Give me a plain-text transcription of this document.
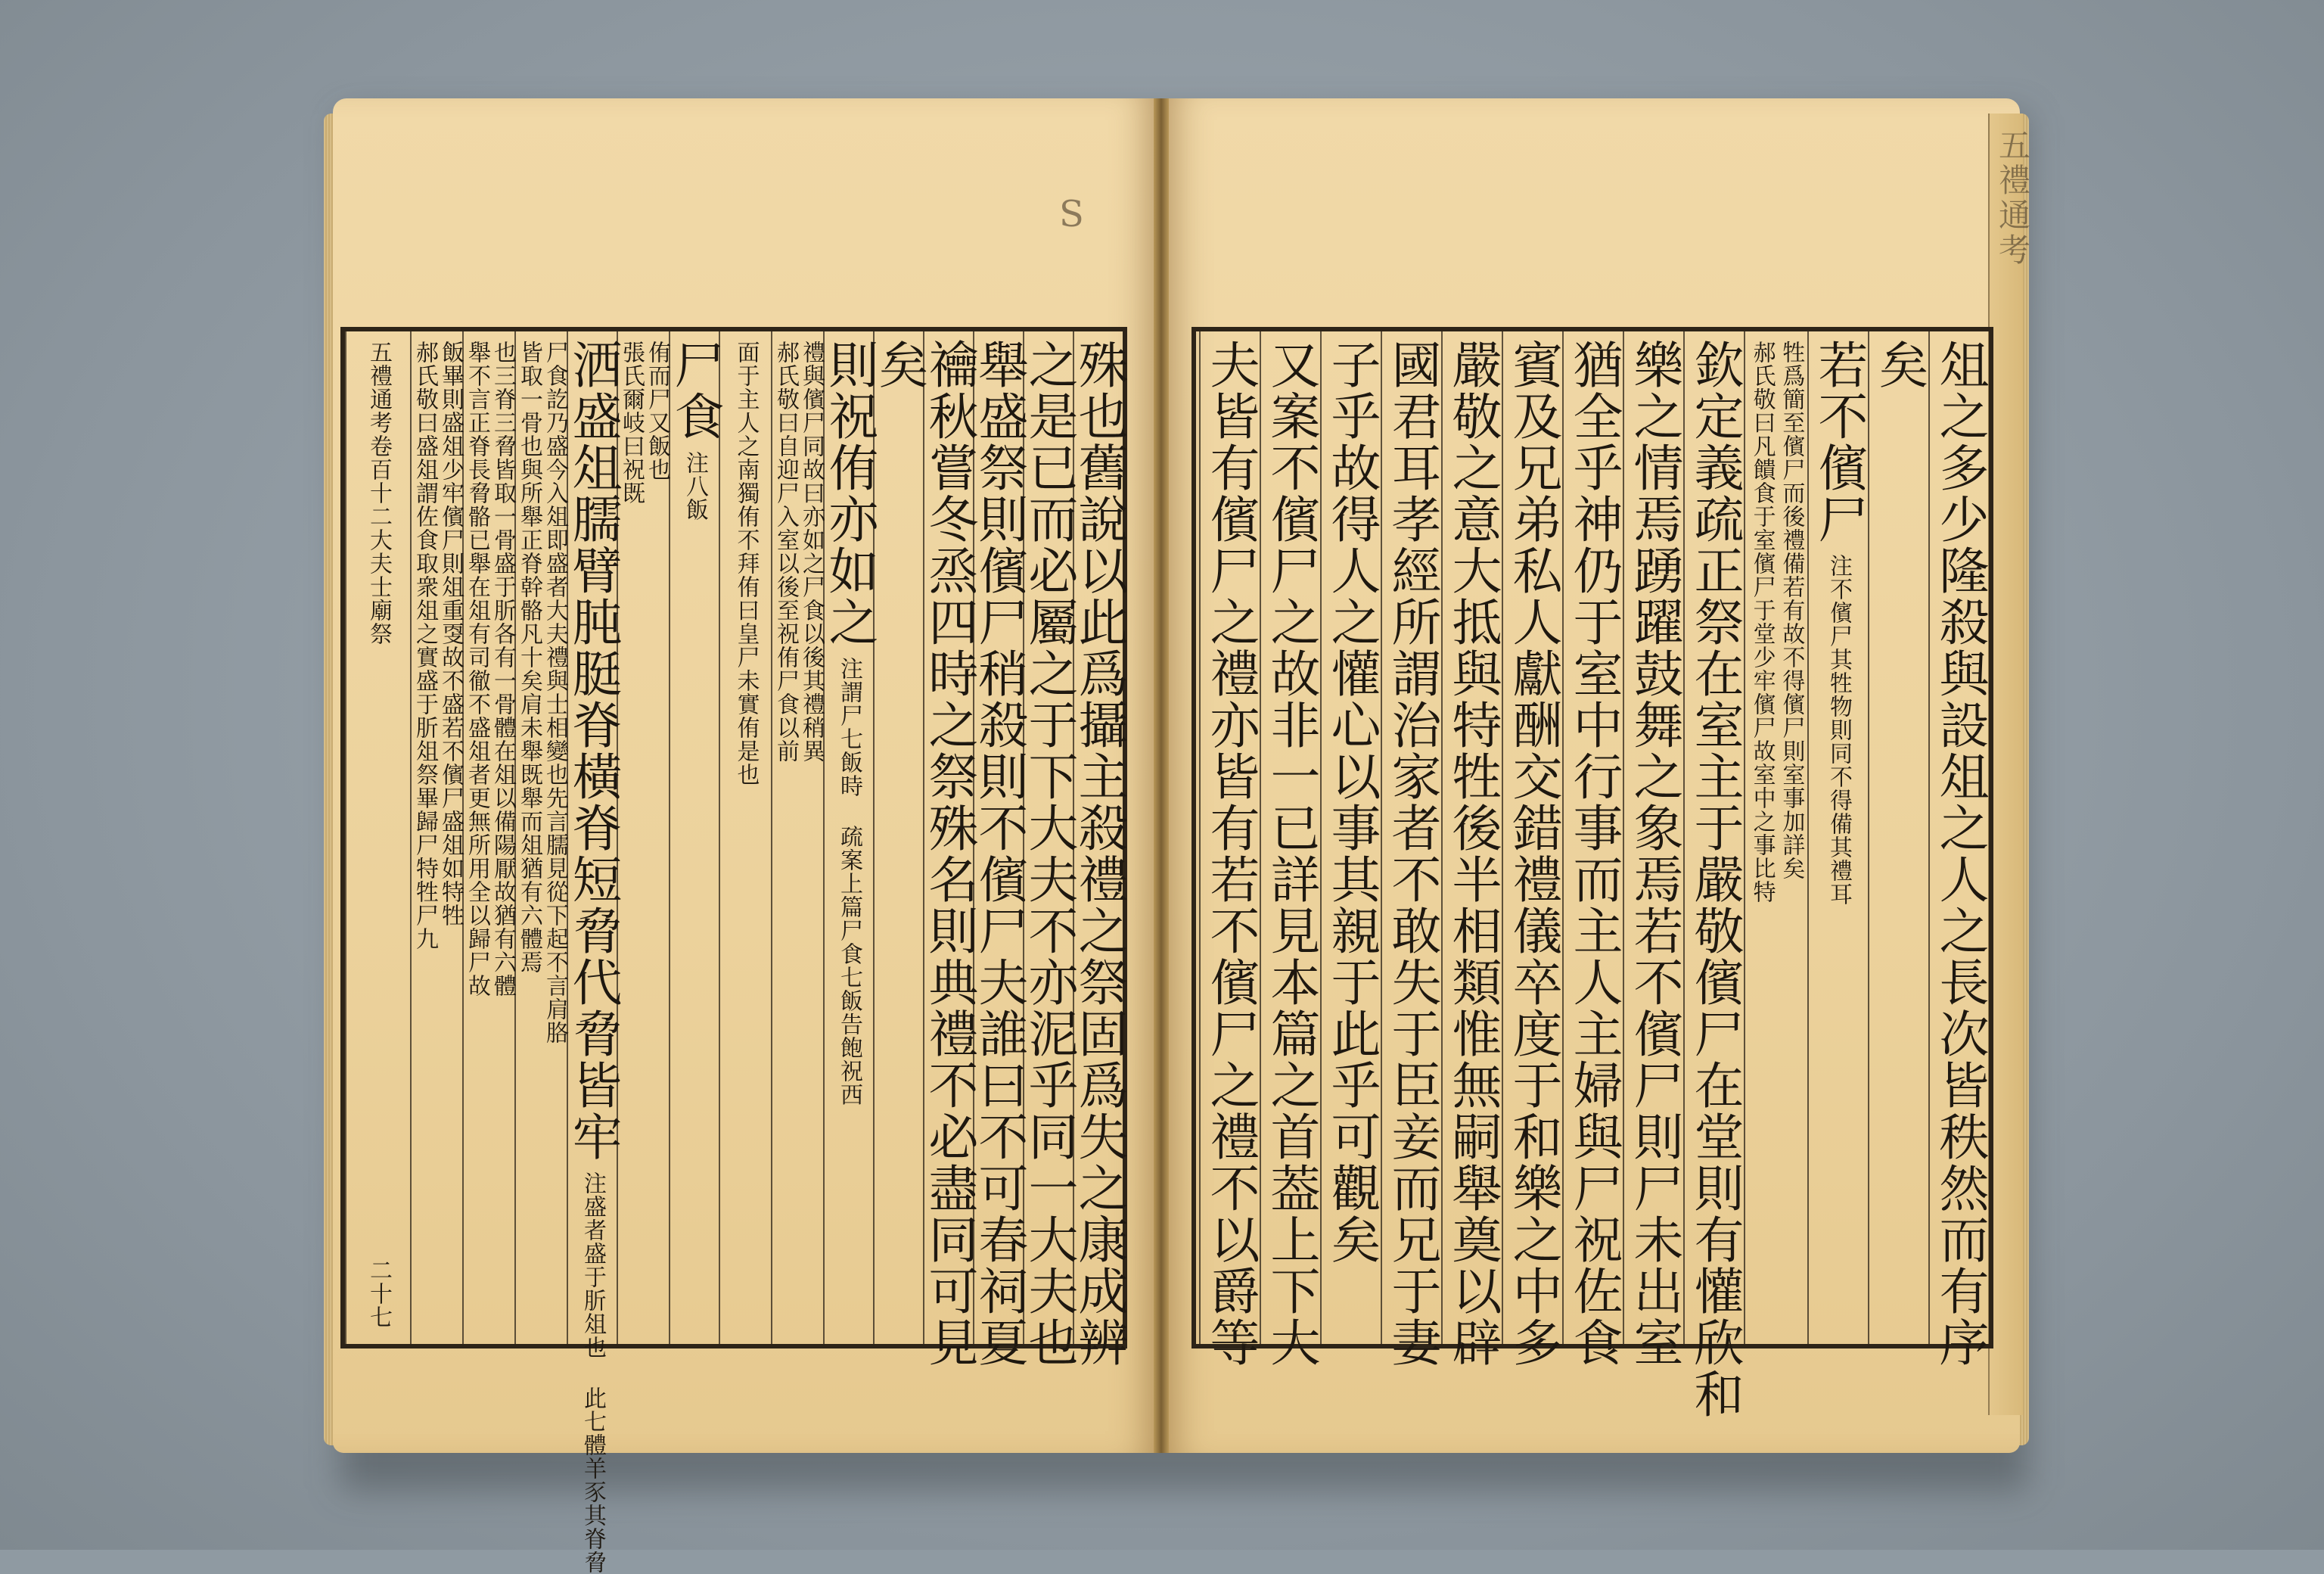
S	五禮通考
俎之多少隆殺與設俎之人之長次皆秩然而有序
矣
若不儐尸
注不儐尸其牲物則同不得備其禮耳
郝氏敬曰凡饋食于室儐尸于堂少牢儐尸故室中之事比特 牲爲簡至儐尸而後禮備若有故不得儐尸則室事加詳矣
欽定義疏正祭在室主于嚴敬儐尸在堂則有懽欣和
樂之情焉踴躍鼓舞之象焉若不儐尸則尸未出室
猶全乎神仍于室中行事而主人主婦與尸祝佐食
賓及兄弟私人獻酬交錯禮儀卒度于和樂之中多
嚴敬之意大抵與特牲後半相類惟無嗣舉奠以辟
國君耳孝經所謂治家者不敢失于臣妾而兄于妻
子乎故得人之懽心以事其親于此乎可觀矣
又案不儐尸之故非一已詳見本篇之首葢上下大
夫皆有儐尸之禮亦皆有若不儐尸之禮不以爵等
殊也舊說以此爲攝主殺禮之祭固爲失之康成辨
之是已而必屬之于下大夫不亦泥乎同一大夫也
舉盛祭則儐尸稍殺則不儐尸夫誰曰不可春祠夏
禴秋嘗冬烝四時之祭殊名則典禮不必盡同可見
矣
則祝侑亦如之
注謂尸七飯時 疏案上篇尸食七飯告飽祝西
郝氏敬曰自迎尸入室以後至祝侑尸食以前 禮與儐尸同故曰亦如之尸食以後其禮稍異
面于主人之南獨侑不拜侑曰皇尸未實侑是也
尸食
注八飯
張氏爾岐曰祝既 侑而尸又飯也
洒盛俎臑臂肫脡脊橫脊短脅代脅皆牢
注盛者盛于肵俎也 此七體羊豕其脊脅
皆取一骨也與所舉正脊幹骼凡十矣肩未舉既舉而俎猶有六體焉 尸食訖乃盛今入俎即盛者大夫禮與士相變也先言臑見從下起不言肩胳
舉不言正脊長脅骼已舉在俎有司徹不盛俎者更無所用全以歸尸故 也三脊三脅皆取一骨盛于肵各有一骨體在俎以備陽厭故猶有六體
郝氏敬曰盛俎謂佐食取衆俎之實盛于肵俎祭畢歸尸特牲尸九 飯畢則盛俎少牢儐尸則俎重㪅故不盛若不儐尸盛俎如特牲
五禮通考卷百十二大夫士廟祭
二十七
